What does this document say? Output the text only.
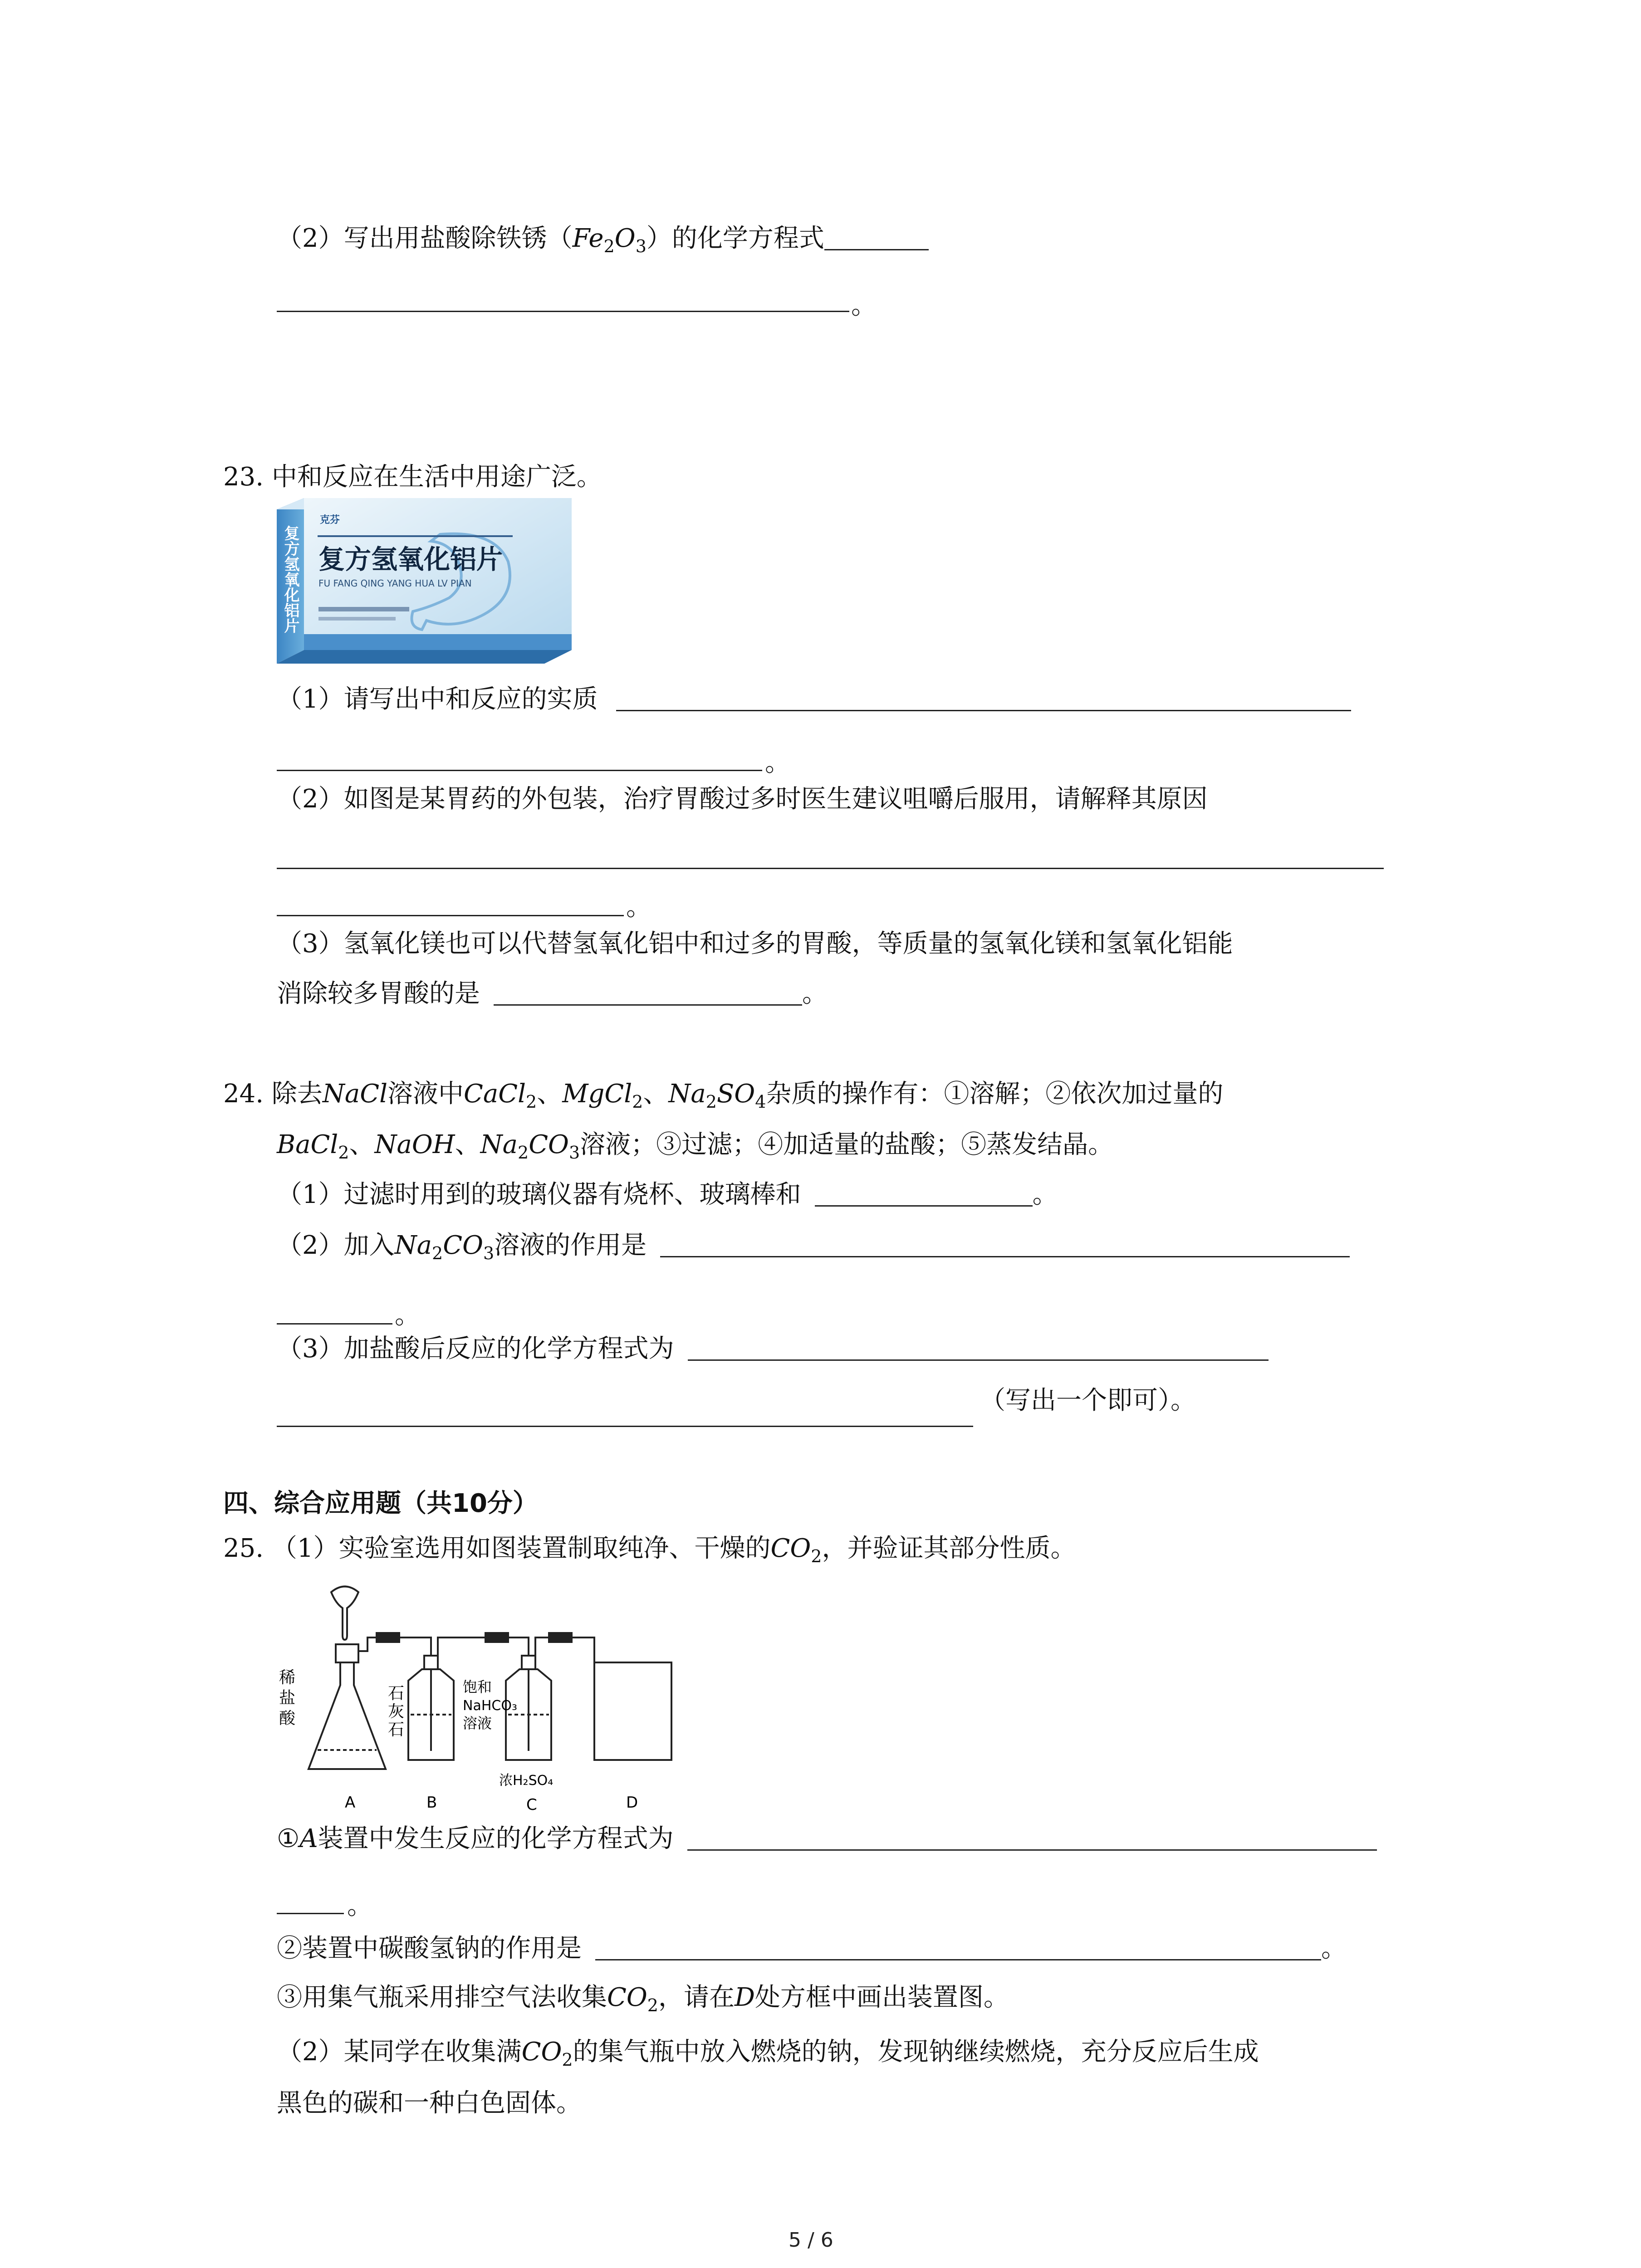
（2）写出用盐酸除铁锈$(Fe_2O_3)$的化学方程式
。
23. 中和反应在生活中用途广泛。
克芬
复方氢氧化铝片
FU FANG QING YANG HUA LV PIAN
复方氢氧化铝片
（1）请写出中和反应的实质
。
（2）如图是某胃药的外包装，治疗胃酸过多时医生建议咀嚼后服用，请解释其原因
。
（3）氢氧化镁也可以代替氢氧化铝中和过多的胃酸，等质量的氢氧化镁和氢氧化铝能
消除较多胃酸的是	。
24. 除去NaCl溶液中CaCl$_2$、MgCl$_2$、$Na_2SO_4$杂质的操作有：①溶解；②依次加过量的
BaCl$_2$、NaOH、$Na_2CO_3$溶液；③过滤；④加适量的盐酸；⑤蒸发结晶。
（1）过滤时用到的玻璃仪器有烧杯、玻璃棒和	。
（2）加入$Na_2CO_3$溶液的作用是
。
（3）加盐酸后反应的化学方程式为
（写出一个即可）。
四、综合应用题（共10分）
25. （1）实验室选用如图装置制取纯净、干燥的$CO_2$，并验证其部分性质。
稀
盐
酸
石
灰
石
饱和
NaHCO₃
溶液
浓H₂SO₄
A	B	C	D
①A装置中发生反应的化学方程式为
。
②装置中碳酸氢钠的作用是	。
③用集气瓶采用排空气法收集$CO_2$，请在D处方框中画出装置图。
（2）某同学在收集满$CO_2$的集气瓶中放入燃烧的钠，发现钠继续燃烧，充分反应后生成
黑色的碳和一种白色固体。
5 / 6
